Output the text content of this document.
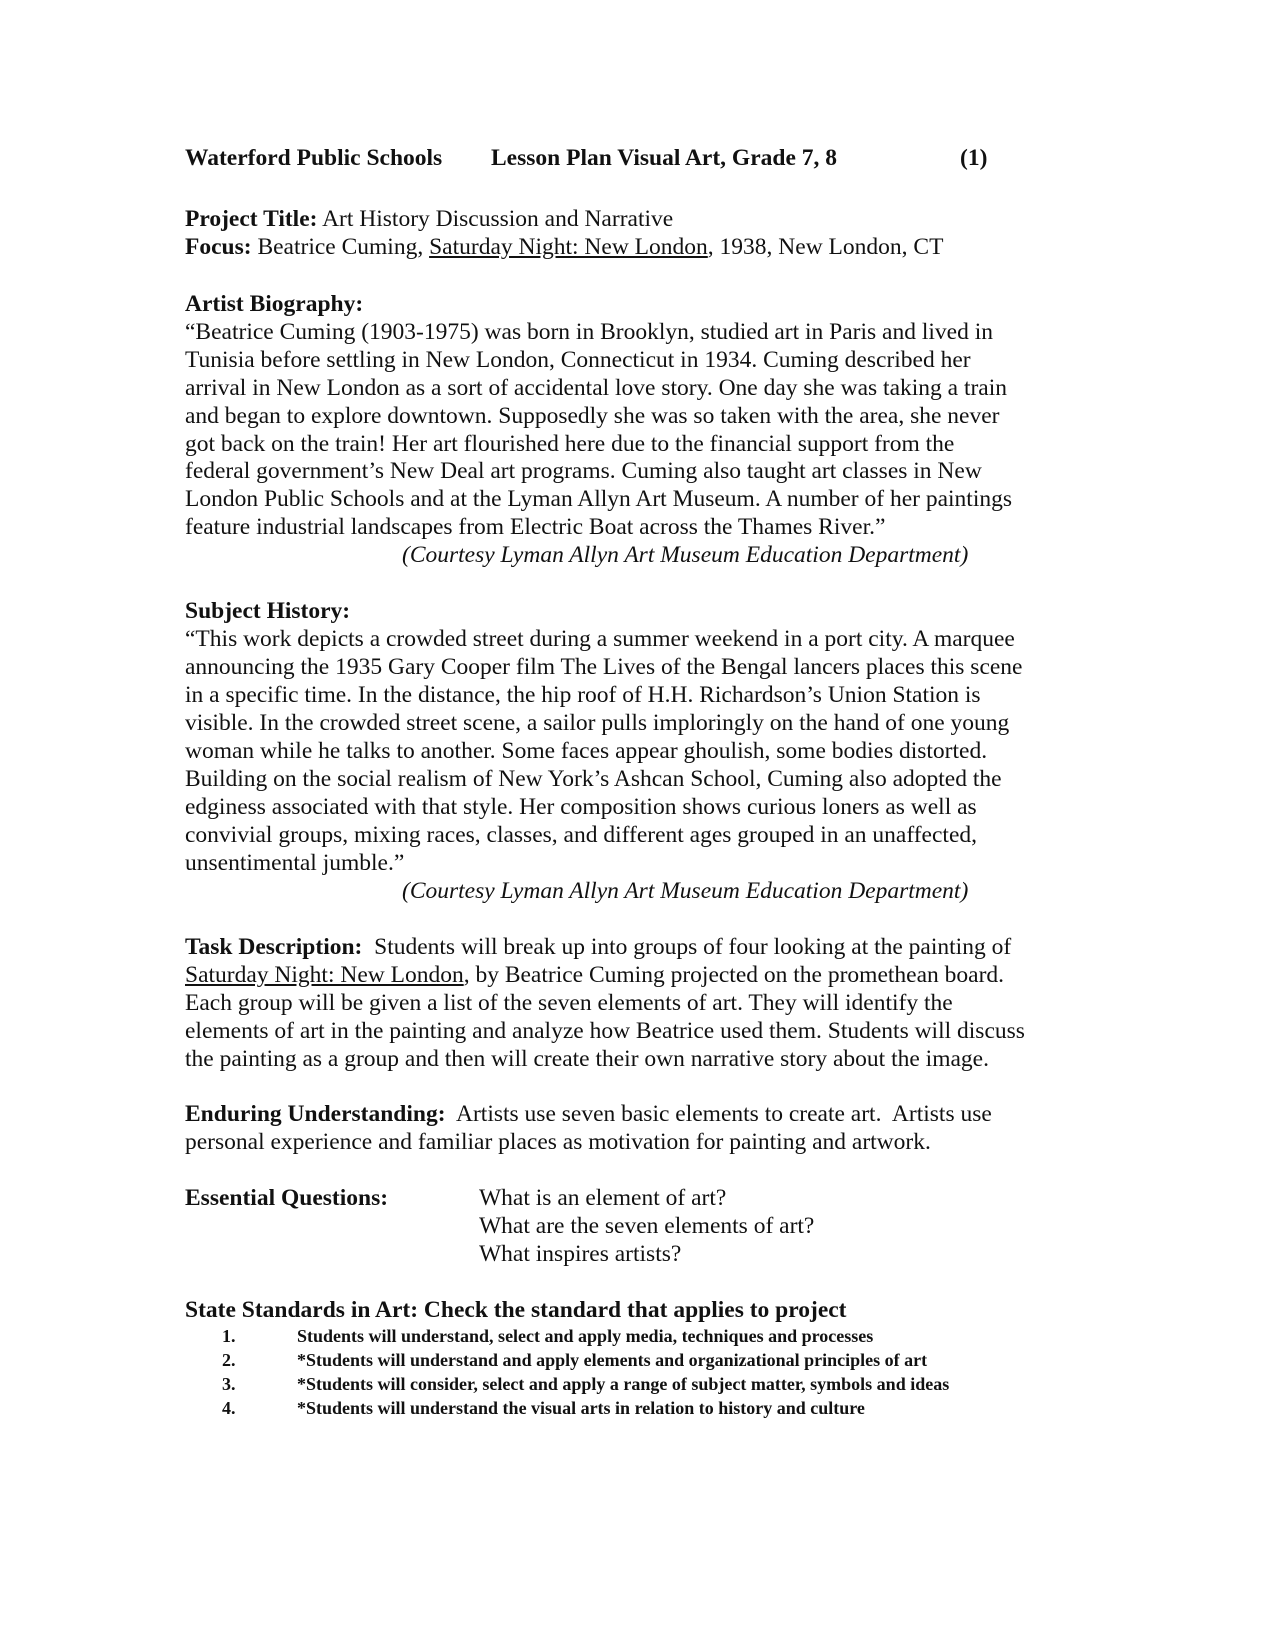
Waterford Public Schools Lesson Plan Visual Art, Grade 7, 8	(1)
Project Title: Art History Discussion and Narrative
Focus: Beatrice Cuming, Saturday Night: New London, 1938, New London, CT
Artist Biography:
“Beatrice Cuming (1903-1975) was born in Brooklyn, studied art in Paris and lived in
Tunisia before settling in New London, Connecticut in 1934. Cuming described her
arrival in New London as a sort of accidental love story. One day she was taking a train
and began to explore downtown. Supposedly she was so taken with the area, she never
got back on the train! Her art flourished here due to the financial support from the
federal government’s New Deal art programs. Cuming also taught art classes in New
London Public Schools and at the Lyman Allyn Art Museum. A number of her paintings
feature industrial landscapes from Electric Boat across the Thames River.”
(Courtesy Lyman Allyn Art Museum Education Department)
Subject History:
“This work depicts a crowded street during a summer weekend in a port city. A marquee
announcing the 1935 Gary Cooper film The Lives of the Bengal lancers places this scene
in a specific time. In the distance, the hip roof of H.H. Richardson’s Union Station is
visible. In the crowded street scene, a sailor pulls imploringly on the hand of one young
woman while he talks to another. Some faces appear ghoulish, some bodies distorted.
Building on the social realism of New York’s Ashcan School, Cuming also adopted the
edginess associated with that style. Her composition shows curious loners as well as
convivial groups, mixing races, classes, and different ages grouped in an unaffected,
unsentimental jumble.”
(Courtesy Lyman Allyn Art Museum Education Department)
Task Description:  Students will break up into groups of four looking at the painting of
Saturday Night: New London, by Beatrice Cuming projected on the promethean board.
Each group will be given a list of the seven elements of art. They will identify the
elements of art in the painting and analyze how Beatrice used them. Students will discuss
the painting as a group and then will create their own narrative story about the image.
Enduring Understanding:  Artists use seven basic elements to create art.  Artists use
personal experience and familiar places as motivation for painting and artwork.
Essential Questions:	What is an element of art?
What are the seven elements of art?
What inspires artists?
State Standards in Art: Check the standard that applies to project
1.	Students will understand, select and apply media, techniques and processes
2.	*Students will understand and apply elements and organizational principles of art
3.	*Students will consider, select and apply a range of subject matter, symbols and ideas
4.	*Students will understand the visual arts in relation to history and culture
